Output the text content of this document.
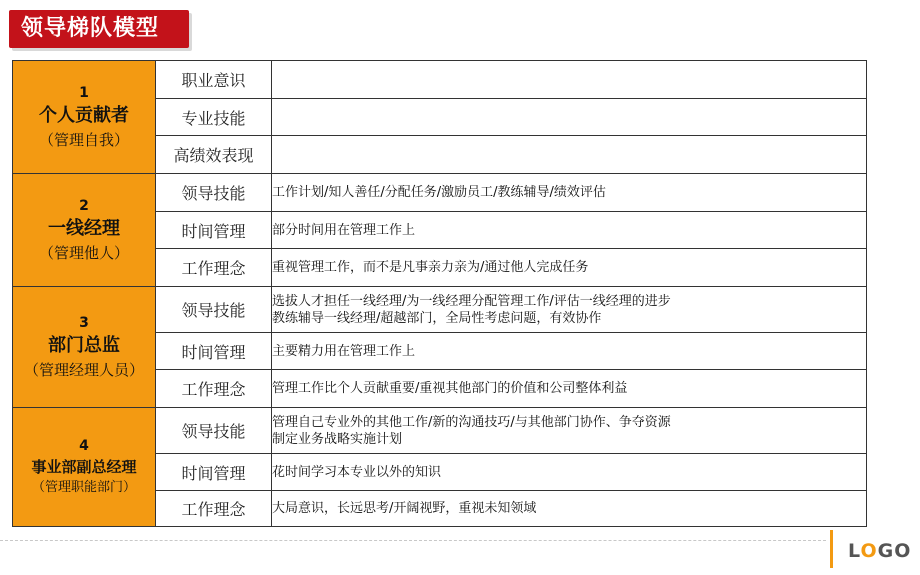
领导梯队模型
1
个人贡献者
（管理自我）	职业意识	
	专业技能	
	高绩效表现	

2
一线经理
（管理他人）	领导技能	工作计划/知人善任/分配任务/激励员工/教练辅导/绩效评估

	时间管理	部分时间用在管理工作上

	工作理念	重视管理工作，而不是凡事亲力亲为/通过他人完成任务

3
部门总监
（管理经理人员）	领导技能	选拔人才担任一线经理/为一线经理分配管理工作/评估一线经理的进步
教练辅导一线经理/超越部门，全局性考虑问题，有效协作

	时间管理	主要精力用在管理工作上

	工作理念	管理工作比个人贡献重要/重视其他部门的价值和公司整体利益

4
事业部副总经理
（管理职能部门）	领导技能	管理自己专业外的其他工作/新的沟通技巧/与其他部门协作、争夺资源
制定业务战略实施计划

	时间管理	花时间学习本专业以外的知识

	工作理念	大局意识，长远思考/开阔视野，重视未知领域
LOGO
